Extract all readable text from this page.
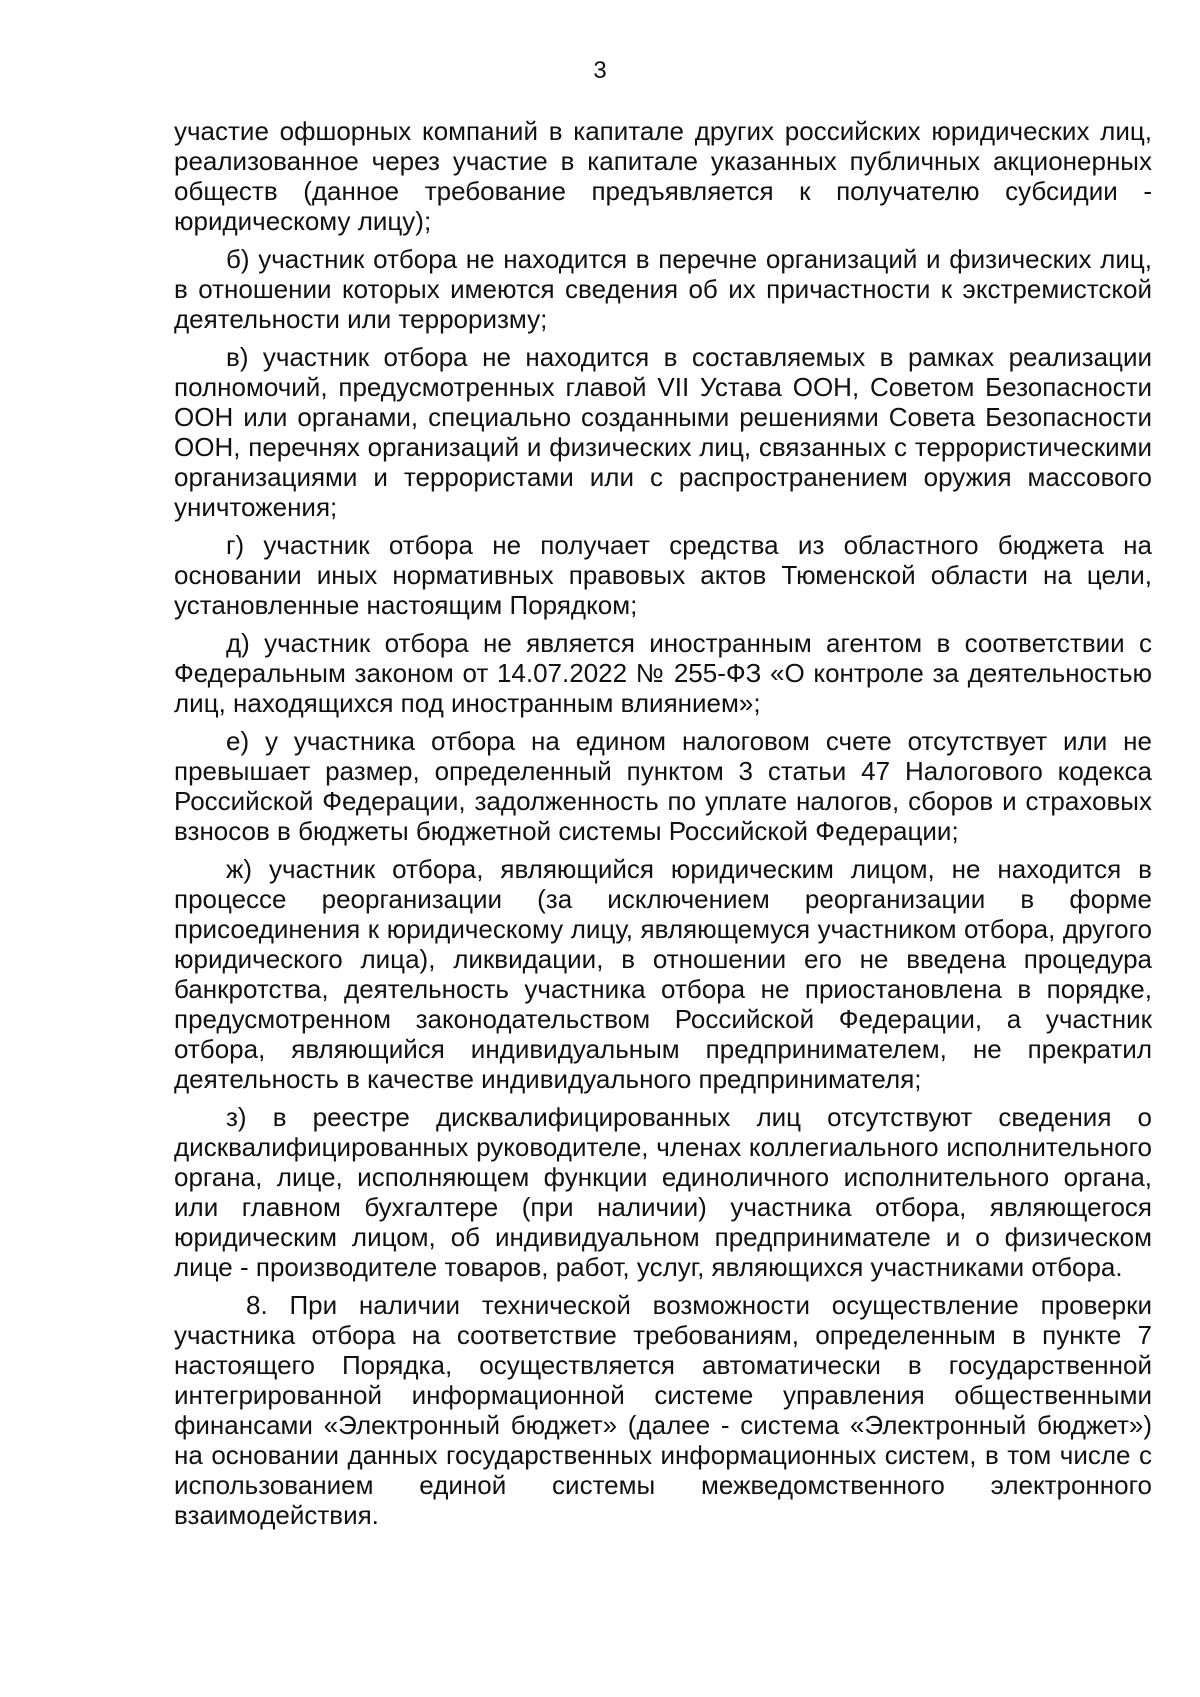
3

участие офшорных компаний в капитале других российских юридических лиц, реализованное через участие в капитале указанных публичных акционерных обществ (данное требование предъявляется к получателю субсидии - юридическому лицу);

б) участник отбора не находится в перечне организаций и физических лиц, в отношении которых имеются сведения об их причастности к экстремистской деятельности или терроризму;

в) участник отбора не находится в составляемых в рамках реализации полномочий, предусмотренных главой VII Устава ООН, Советом Безопасности ООН или органами, специально созданными решениями Совета Безопасности ООН, перечнях организаций и физических лиц, связанных с террористическими организациями и террористами или с распространением оружия массового уничтожения;

г) участник отбора не получает средства из областного бюджета на основании иных нормативных правовых актов Тюменской области на цели, установленные настоящим Порядком;

д) участник отбора не является иностранным агентом в соответствии с Федеральным законом от 14.07.2022 № 255-ФЗ «О контроле за деятельностью лиц, находящихся под иностранным влиянием»;

е) у участника отбора на едином налоговом счете отсутствует или не превышает размер, определенный пунктом 3 статьи 47 Налогового кодекса Российской Федерации, задолженность по уплате налогов, сборов и страховых взносов в бюджеты бюджетной системы Российской Федерации;

ж) участник отбора, являющийся юридическим лицом, не находится в процессе реорганизации (за исключением реорганизации в форме присоединения к юридическому лицу, являющемуся участником отбора, другого юридического лица), ликвидации, в отношении его не введена процедура банкротства, деятельность участника отбора не приостановлена в порядке, предусмотренном законодательством Российской Федерации, а участник отбора, являющийся индивидуальным предпринимателем, не прекратил деятельность в качестве индивидуального предпринимателя;

з) в реестре дисквалифицированных лиц отсутствуют сведения о дисквалифицированных руководителе, членах коллегиального исполнительного органа, лице, исполняющем функции единоличного исполнительного органа, или главном бухгалтере (при наличии) участника отбора, являющегося юридическим лицом, об индивидуальном предпринимателе и о физическом лице - производителе товаров, работ, услуг, являющихся участниками отбора.

8. При наличии технической возможности осуществление проверки участника отбора на соответствие требованиям, определенным в пункте 7 настоящего Порядка, осуществляется автоматически в государственной интегрированной информационной системе управления общественными финансами «Электронный бюджет» (далее - система «Электронный бюджет») на основании данных государственных информационных систем, в том числе с использованием единой системы межведомственного электронного взаимодействия.
